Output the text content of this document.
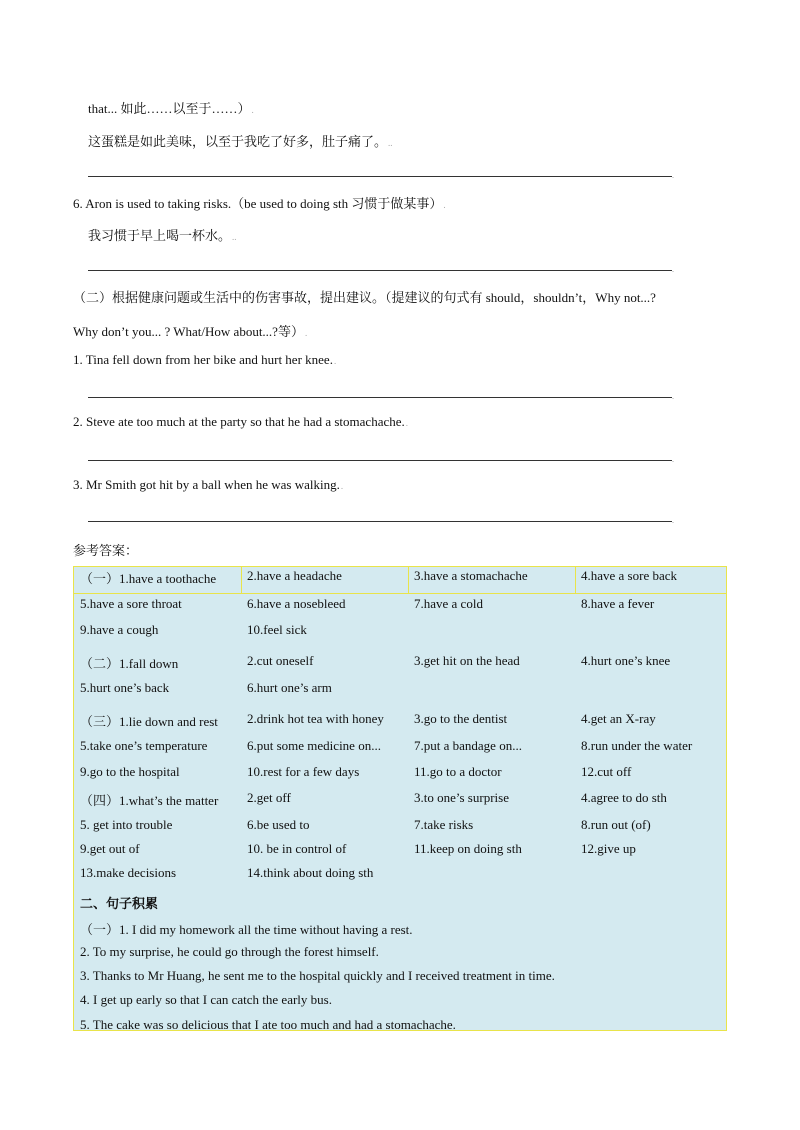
that... 如此……以至于……）.
这蛋糕是如此美味，以至于我吃了好多，肚子痛了。..
.
6. Aron is used to taking risks.（be used to doing sth 习惯于做某事）.
我习惯于早上喝一杯水。..
.
（二）根据健康问题或生活中的伤害事故，提出建议。（提建议的句式有 should，shouldn’t，Why not...?
Why don’t you... ? What/How about...?等）.
1. Tina fell down from her bike and hurt her knee..
.
2. Steve ate too much at the party so that he had a stomachache..
.
3. Mr Smith got hit by a ball when he was walking..
.
参考答案：
（一）1.have a toothache 2.have a headache	3.have a stomachache	4.have a sore back
5.have a sore throat	6.have a nosebleed	7.have a cold	8.have a fever
9.have a cough	10.feel sick
（二）1.fall down	2.cut oneself	3.get hit on the head	4.hurt one’s knee
5.hurt one’s back	6.hurt one’s arm
（三）1.lie down and rest 2.drink hot tea with honey 3.go to the dentist	4.get an X-ray
5.take one’s temperature	6.put some medicine on...	7.put a bandage on...	8.run under the water
9.go to the hospital	10.rest for a few days	11.go to a doctor	12.cut off
（四）1.what’s the matter 2.get off	3.to one’s surprise	4.agree to do sth
5. get into trouble	6.be used to	7.take risks	8.run out (of)
9.get out of	10. be in control of	11.keep on doing sth	12.give up
13.make decisions	14.think about doing sth
二、句子积累
（一）1. I did my homework all the time without having a rest.
2. To my surprise, he could go through the forest himself.
3. Thanks to Mr Huang, he sent me to the hospital quickly and I received treatment in time.
4. I get up early so that I can catch the early bus.
5. The cake was so delicious that I ate too much and had a stomachache.
